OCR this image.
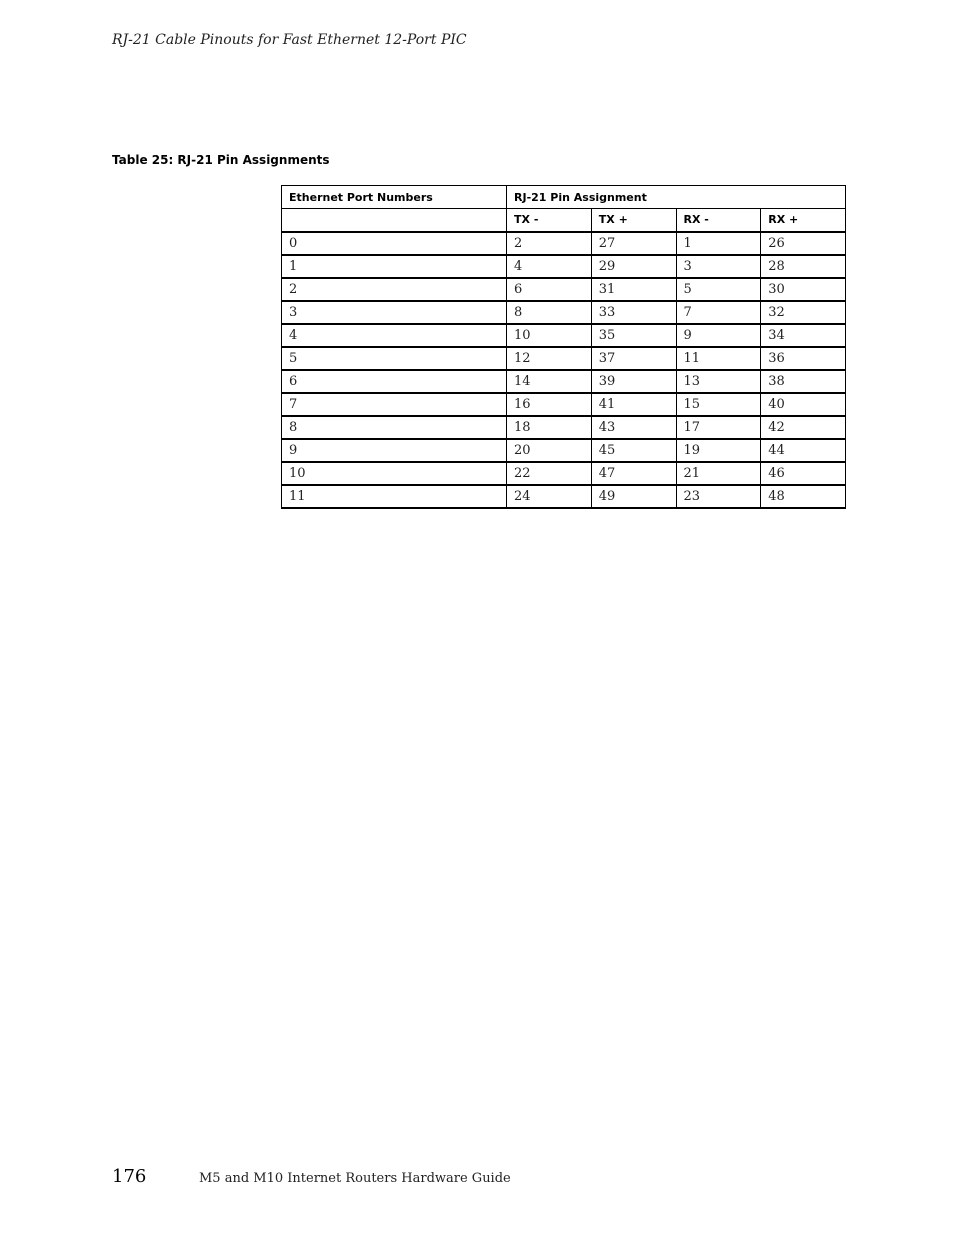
RJ-21 Cable Pinouts for Fast Ethernet 12-Port PIC
Table 25: RJ-21 Pin Assignments
Ethernet Port Numbers	RJ-21 Pin Assignment			
	TX -	TX +	RX -	RX +
0	2	27	1	26
1	4	29	3	28
2	6	31	5	30
3	8	33	7	32
4	10	35	9	34
5	12	37	11	36
6	14	39	13	38
7	16	41	15	40
8	18	43	17	42
9	20	45	19	44
10	22	47	21	46
11	24	49	23	48
176	M5 and M10 Internet Routers Hardware Guide
